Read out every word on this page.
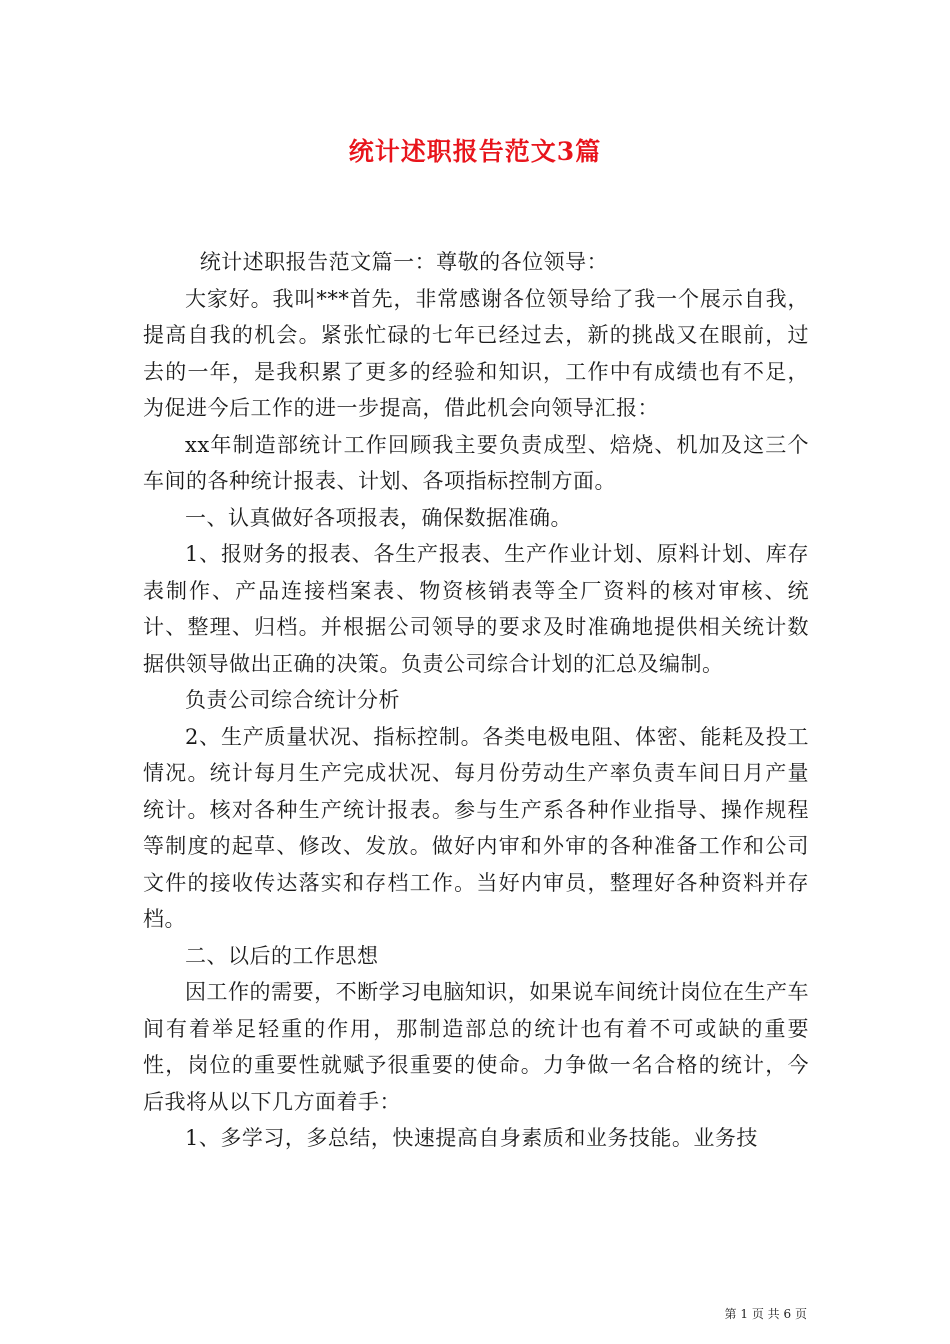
统计述职报告范文3篇

统计述职报告范文篇一：尊敬的各位领导：

大家好。我叫***首先，非常感谢各位领导给了我一个展示自我，提高自我的机会。紧张忙碌的七年已经过去，新的挑战又在眼前，过去的一年，是我积累了更多的经验和知识，工作中有成绩也有不足，为促进今后工作的进一步提高，借此机会向领导汇报：

xx年制造部统计工作回顾我主要负责成型、焙烧、机加及这三个车间的各种统计报表、计划、各项指标控制方面。

一、认真做好各项报表，确保数据准确。

1、报财务的报表、各生产报表、生产作业计划、原料计划、库存表制作、产品连接档案表、物资核销表等全厂资料的核对审核、统计、整理、归档。并根据公司领导的要求及时准确地提供相关统计数据供领导做出正确的决策。负责公司综合计划的汇总及编制。

负责公司综合统计分析

2、生产质量状况、指标控制。各类电极电阻、体密、能耗及投工情况。统计每月生产完成状况、每月份劳动生产率负责车间日月产量统计。核对各种生产统计报表。参与生产系各种作业指导、操作规程等制度的起草、修改、发放。做好内审和外审的各种准备工作和公司文件的接收传达落实和存档工作。当好内审员，整理好各种资料并存档。

二、以后的工作思想

因工作的需要，不断学习电脑知识，如果说车间统计岗位在生产车间有着举足轻重的作用，那制造部总的统计也有着不可或缺的重要性，岗位的重要性就赋予很重要的使命。力争做一名合格的统计，今后我将从以下几方面着手：

1、多学习，多总结，快速提高自身素质和业务技能。业务技

第 1 页 共 6 页
